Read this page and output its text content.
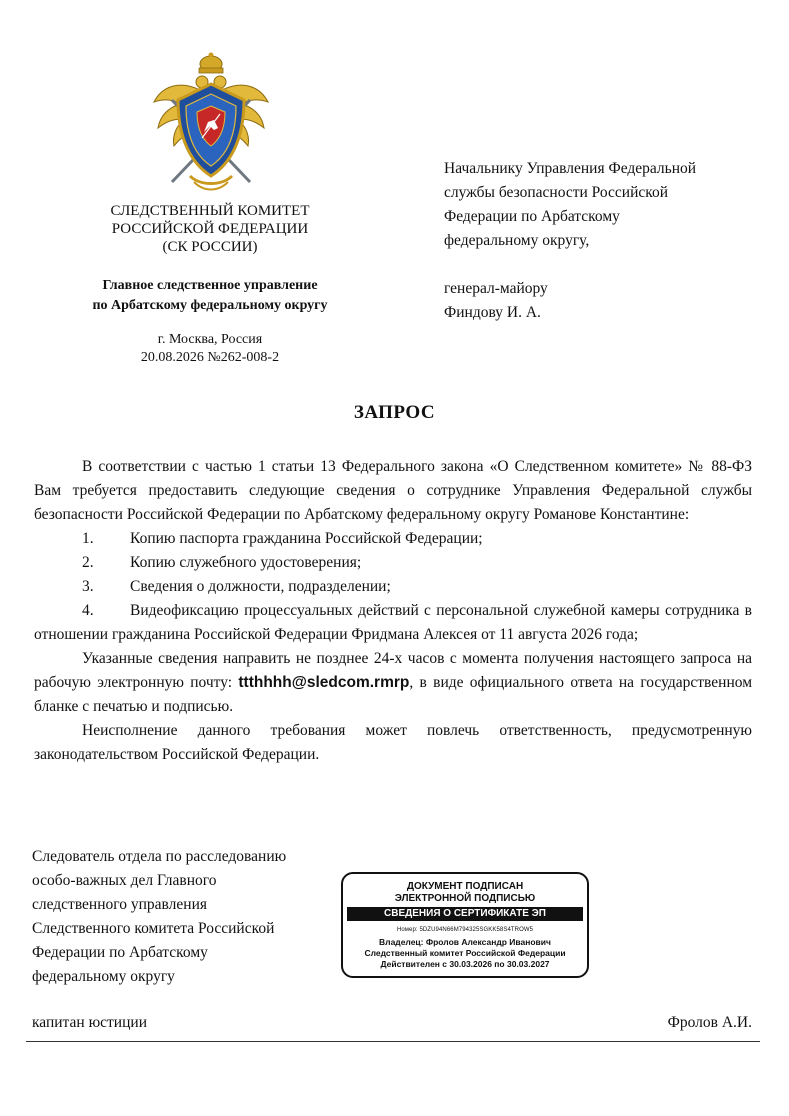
СЛЕДСТВЕННЫЙ КОМИТЕТ
РОССИЙСКОЙ ФЕДЕРАЦИИ
(СК РОССИИ)
Главное следственное управление
по Арбатскому федеральному округу
г. Москва, Россия
20.08.2026 №262-008-2
Начальнику Управления Федеральной
службы безопасности Российской
Федерации по Арбатскому
федеральному округу,
генерал-майору
Финдову И. А.
ЗАПРОС

В соответствии с частью 1 статьи 13 Федерального закона «О Следственном комитете» № 88-ФЗ Вам требуется предоставить следующие сведения о сотруднике Управления Федеральной службы безопасности Российской Федерации по Арбатскому федеральному округу Романове Константине:

1.	Копию паспорта гражданина Российской Федерации;
2.	Копию служебного удостоверения;
3.	Сведения о должности, подразделении;

4. Видеофиксацию процессуальных действий с персональной служебной камеры сотрудника в отношении гражданина Российской Федерации Фридмана Алексея от 11 августа 2026 года;

Указанные сведения направить не позднее 24-х часов с момента получения настоящего запроса на рабочую электронную почту: ttthhhh@sledcom.rmrp, в виде официального ответа на государственном бланке с печатью и подписью.

Неисполнение данного требования может повлечь ответственность, предусмотренную законодательством Российской Федерации.

Следователь отдела по расследованию
особо-важных дел Главного
следственного управления
Следственного комитета Российской
Федерации по Арбатскому
федеральному округу
ДОКУМЕНТ ПОДПИСАН
ЭЛЕКТРОННОЙ ПОДПИСЬЮ
СВЕДЕНИЯ О СЕРТИФИКАТЕ ЭП
Номер: 5DZU94N66M794325SGKK58S4TROW5
Владелец: Фролов Александр Иванович
Следственный комитет Российской Федерации
Действителен с 30.03.2026 по 30.03.2027
капитан юстиции	Фролов А.И.
